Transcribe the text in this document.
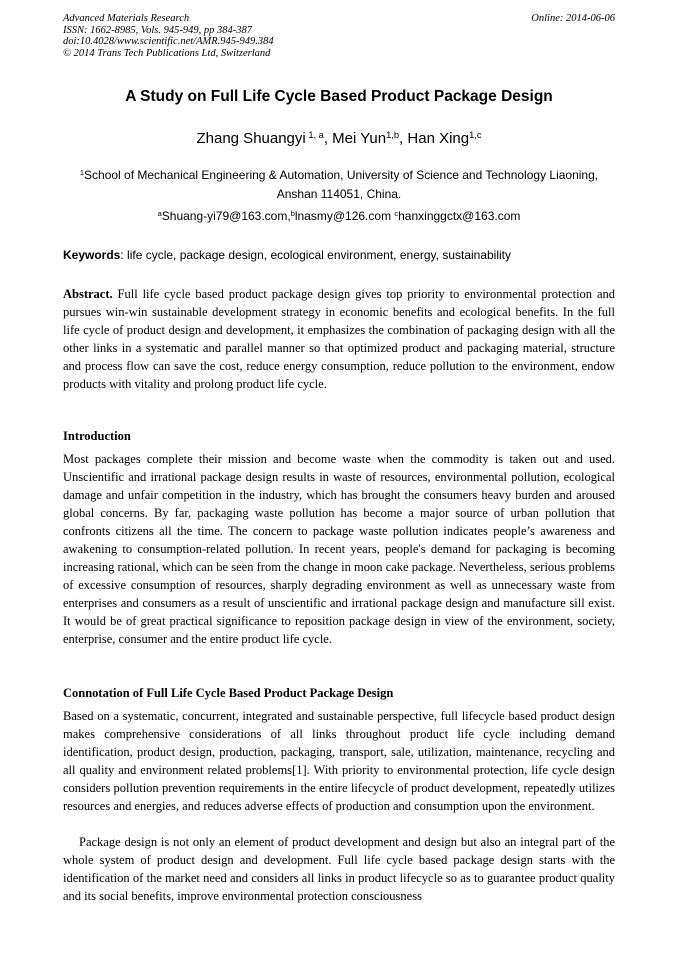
Advanced Materials Research
ISSN: 1662-8985, Vols. 945-949, pp 384-387
doi:10.4028/www.scientific.net/AMR.945-949.384
© 2014 Trans Tech Publications Ltd, Switzerland
Online: 2014-06-06
A Study on Full Life Cycle Based Product Package Design
Zhang Shuangyi $^{1, a}$, Mei Yun$^{1,b}$, Han Xing$^{1,c}$
$^1$School of Mechanical Engineering & Automation, University of Science and Technology Liaoning,
Anshan 114051, China.
$^a$Shuang-yi79@163.com,$^b$lnasmy@126.com $^c$hanxinggctx@163.com
Keywords: life cycle, package design, ecological environment, energy, sustainability
Abstract. Full life cycle based product package design gives top priority to environmental protection and pursues win-win sustainable development strategy in economic benefits and ecological benefits. In the full life cycle of product design and development, it emphasizes the combination of packaging design with all the other links in a systematic and parallel manner so that optimized product and packaging material, structure and process flow can save the cost, reduce energy consumption, reduce pollution to the environment, endow products with vitality and prolong product life cycle.
Introduction
Most packages complete their mission and become waste when the commodity is taken out and used. Unscientific and irrational package design results in waste of resources, environmental pollution, ecological damage and unfair competition in the industry, which has brought the consumers heavy burden and aroused global concerns. By far, packaging waste pollution has become a major source of urban pollution that confronts citizens all the time. The concern to package waste pollution indicates people’s awareness and awakening to consumption-related pollution. In recent years, people's demand for packaging is becoming increasing rational, which can be seen from the change in moon cake package. Nevertheless, serious problems of excessive consumption of resources, sharply degrading environment as well as unnecessary waste from enterprises and consumers as a result of unscientific and irrational package design and manufacture sill exist. It would be of great practical significance to reposition package design in view of the environment, society, enterprise, consumer and the entire product life cycle.
Connotation of Full Life Cycle Based Product Package Design
Based on a systematic, concurrent, integrated and sustainable perspective, full lifecycle based product design makes comprehensive considerations of all links throughout product life cycle including demand identification, product design, production, packaging, transport, sale, utilization, maintenance, recycling and all quality and environment related problems[1]. With priority to environmental protection, life cycle design considers pollution prevention requirements in the entire lifecycle of product development, repeatedly utilizes resources and energies, and reduces adverse effects of production and consumption upon the environment.
Package design is not only an element of product development and design but also an integral part of the whole system of product design and development. Full life cycle based package design starts with the identification of the market need and considers all links in product lifecycle so as to guarantee product quality and its social benefits, improve environmental protection consciousness
